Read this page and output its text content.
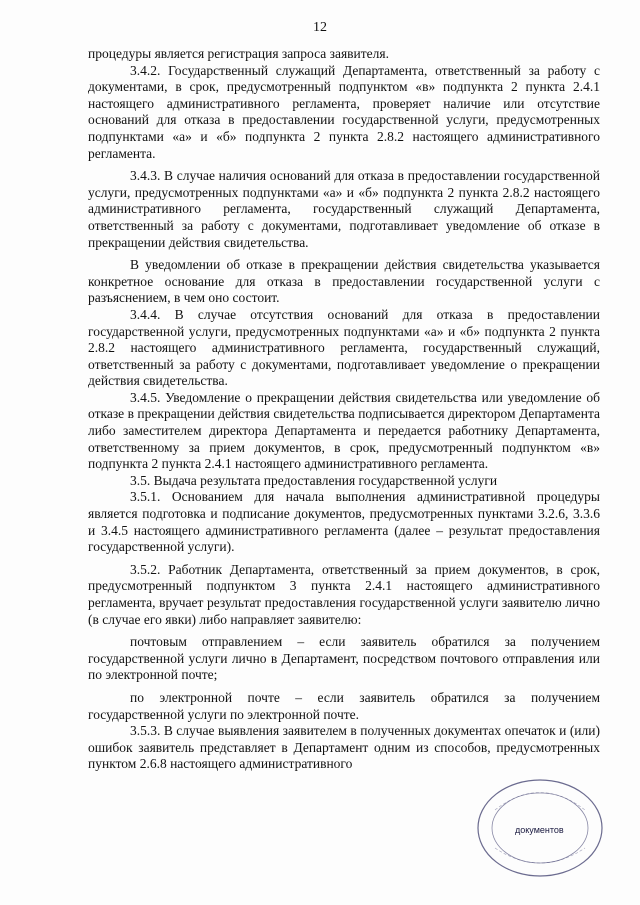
12

процедуры является регистрация запроса заявителя.

3.4.2. Государственный служащий Департамента, ответственный за работу с документами, в срок, предусмотренный подпунктом «в» подпункта 2 пункта 2.4.1 настоящего административного регламента, проверяет наличие или отсутствие оснований для отказа в предоставлении государственной услуги, предусмотренных подпунктами «а» и «б» подпункта 2 пункта 2.8.2 настоящего административного регламента.

3.4.3. В случае наличия оснований для отказа в предоставлении государственной услуги, предусмотренных подпунктами «а» и «б» подпункта 2 пункта 2.8.2 настоящего административного регламента, государственный служащий Департамента, ответственный за работу с документами, подготавливает уведомление об отказе в прекращении действия свидетельства.

В уведомлении об отказе в прекращении действия свидетельства указывается конкретное основание для отказа в предоставлении государственной услуги с разъяснением, в чем оно состоит.

3.4.4. В случае отсутствия оснований для отказа в предоставлении государственной услуги, предусмотренных подпунктами «а» и «б» подпункта 2 пункта 2.8.2 настоящего административного регламента, государственный служащий, ответственный за работу с документами, подготавливает уведомление о прекращении действия свидетельства.

3.4.5. Уведомление о прекращении действия свидетельства или уведомление об отказе в прекращении действия свидетельства подписывается директором Департамента либо заместителем директора Департамента и передается работнику Департамента, ответственному за прием документов, в срок, предусмотренный подпунктом «в» подпункта 2 пункта 2.4.1 настоящего административного регламента.

3.5. Выдача результата предоставления государственной услуги

3.5.1. Основанием для начала выполнения административной процедуры является подготовка и подписание документов, предусмотренных пунктами 3.2.6, 3.3.6 и 3.4.5 настоящего административного регламента (далее – результат предоставления государственной услуги).

3.5.2. Работник Департамента, ответственный за прием документов, в срок, предусмотренный подпунктом 3 пункта 2.4.1 настоящего административного регламента, вручает результат предоставления государственной услуги заявителю лично (в случае его явки) либо направляет заявителю:

почтовым отправлением – если заявитель обратился за получением государственной услуги лично в Департамент, посредством почтового отправления или по электронной почте;

по электронной почте – если заявитель обратился за получением государственной услуги по электронной почте.

3.5.3. В случае выявления заявителем в полученных документах опечаток и (или) ошибок заявитель представляет в Департамент одним из способов, предусмотренных пунктом 2.6.8 настоящего административного

документов
